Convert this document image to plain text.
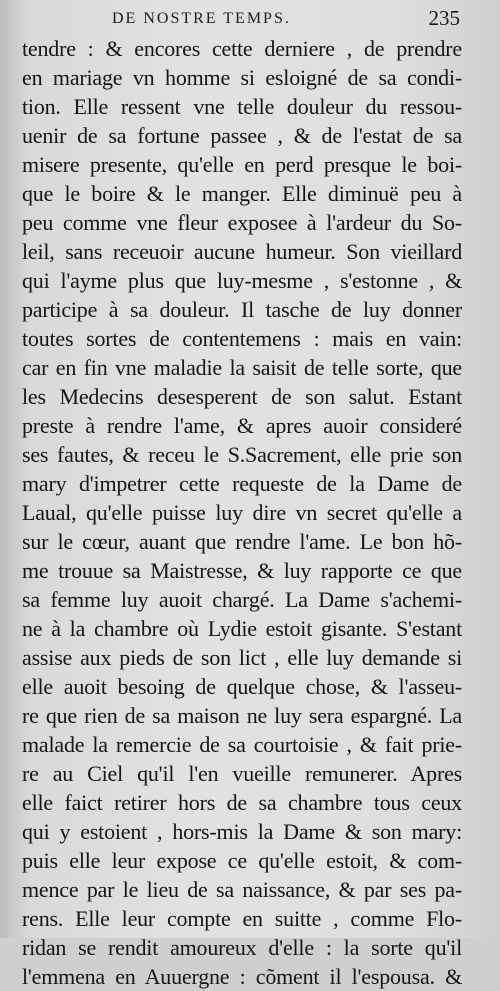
DE NOSTRE TEMPS.	235
tendre : & encores cette derniere , de prendre
en mariage vn homme si esloigné de sa condi-
tion. Elle ressent vne telle douleur du ressou-
uenir de sa fortune passee , & de l'estat de sa
misere presente, qu'elle en perd presque le boi-
que le boire & le manger. Elle diminuë peu à
peu comme vne fleur exposee à l'ardeur du So-
leil, sans receuoir aucune humeur. Son vieillard
qui l'ayme plus que luy-mesme , s'estonne , &
participe à sa douleur. Il tasche de luy donner
toutes sortes de contentemens : mais en vain:
car en fin vne maladie la saisit de telle sorte, que
les Medecins desesperent de son salut. Estant
preste à rendre l'ame, & apres auoir consideré
ses fautes, & receu le S.Sacrement, elle prie son
mary d'impetrer cette requeste de la Dame de
Laual, qu'elle puisse luy dire vn secret qu'elle a
sur le cœur, auant que rendre l'ame. Le bon hõ-
me trouue sa Maistresse, & luy rapporte ce que
sa femme luy auoit chargé. La Dame s'achemi-
ne à la chambre où Lydie estoit gisante. S'estant
assise aux pieds de son lict , elle luy demande si
elle auoit besoing de quelque chose, & l'asseu-
re que rien de sa maison ne luy sera espargné. La
malade la remercie de sa courtoisie , & fait prie-
re au Ciel qu'il l'en vueille remunerer. Apres
elle faict retirer hors de sa chambre tous ceux
qui y estoient , hors-mis la Dame & son mary:
puis elle leur expose ce qu'elle estoit, & com-
mence par le lieu de sa naissance, & par ses pa-
rens. Elle leur compte en suitte , comme Flo-
ridan se rendit amoureux d'elle : la sorte qu'il
l'emmena en Auuergne : cõment il l'espousa. &
